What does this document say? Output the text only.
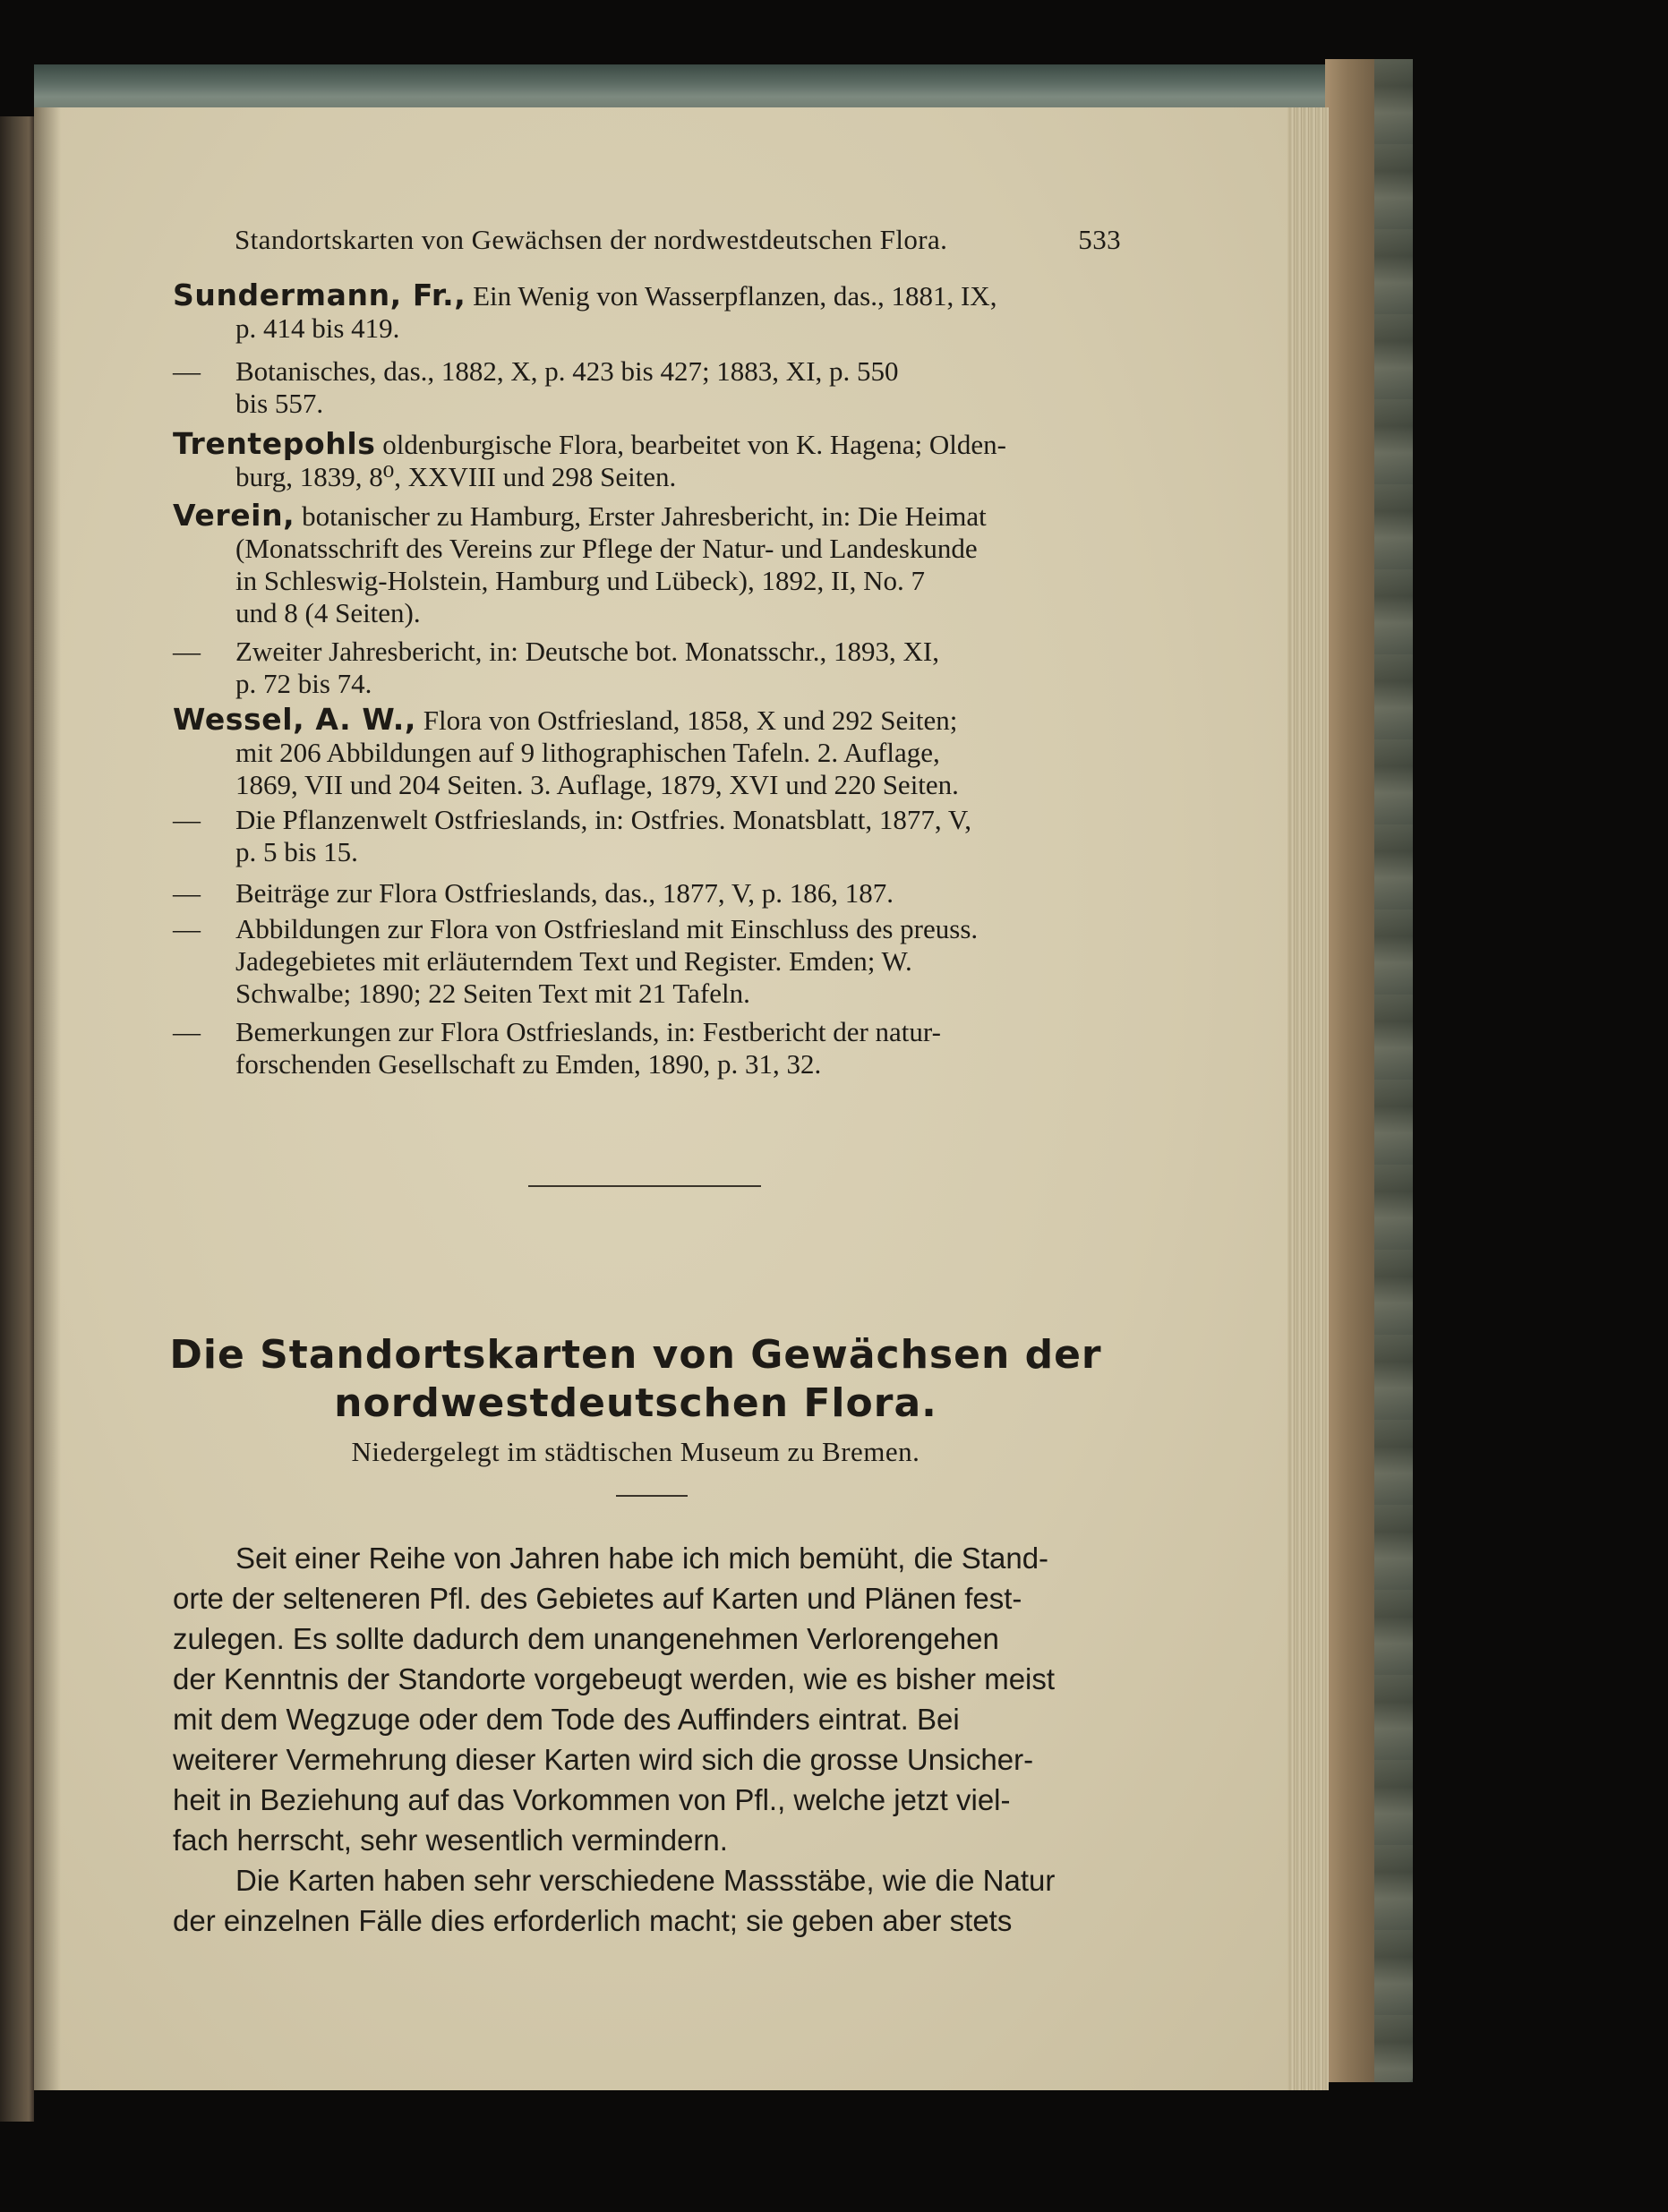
Standortskarten von Gewächsen der nordwestdeutschen Flora.	533
Sundermann, Fr., Ein Wenig von Wasserpflanzen, das., 1881, IX,
p. 414 bis 419.
— Botanisches, das., 1882, X, p. 423 bis 427; 1883, XI, p. 550
bis 557.
Trentepohls oldenburgische Flora, bearbeitet von K. Hagena; Olden-
burg, 1839, 8⁰, XXVIII und 298 Seiten.
Verein, botanischer zu Hamburg, Erster Jahresbericht, in: Die Heimat
(Monatsschrift des Vereins zur Pflege der Natur- und Landeskunde
in Schleswig-Holstein, Hamburg und Lübeck), 1892, II, No. 7
und 8 (4 Seiten).
— Zweiter Jahresbericht, in: Deutsche bot. Monatsschr., 1893, XI,
p. 72 bis 74.
Wessel, A. W., Flora von Ostfriesland, 1858, X und 292 Seiten;
mit 206 Abbildungen auf 9 lithographischen Tafeln. 2. Auflage,
1869, VII und 204 Seiten. 3. Auflage, 1879, XVI und 220 Seiten.
— Die Pflanzenwelt Ostfrieslands, in: Ostfries. Monatsblatt, 1877, V,
p. 5 bis 15.
— Beiträge zur Flora Ostfrieslands, das., 1877, V, p. 186, 187.
— Abbildungen zur Flora von Ostfriesland mit Einschluss des preuss.
Jadegebietes mit erläuterndem Text und Register. Emden; W.
Schwalbe; 1890; 22 Seiten Text mit 21 Tafeln.
— Bemerkungen zur Flora Ostfrieslands, in: Festbericht der natur-
forschenden Gesellschaft zu Emden, 1890, p. 31, 32.
Die Standortskarten von Gewächsen der
nordwestdeutschen Flora.
Niedergelegt im städtischen Museum zu Bremen.
Seit einer Reihe von Jahren habe ich mich bemüht, die Stand-
orte der selteneren Pfl. des Gebietes auf Karten und Plänen fest-
zulegen. Es sollte dadurch dem unangenehmen Verlorengehen
der Kenntnis der Standorte vorgebeugt werden, wie es bisher meist
mit dem Wegzuge oder dem Tode des Auffinders eintrat. Bei
weiterer Vermehrung dieser Karten wird sich die grosse Unsicher-
heit in Beziehung auf das Vorkommen von Pfl., welche jetzt viel-
fach herrscht, sehr wesentlich vermindern.
Die Karten haben sehr verschiedene Massstäbe, wie die Natur
der einzelnen Fälle dies erforderlich macht; sie geben aber stets
